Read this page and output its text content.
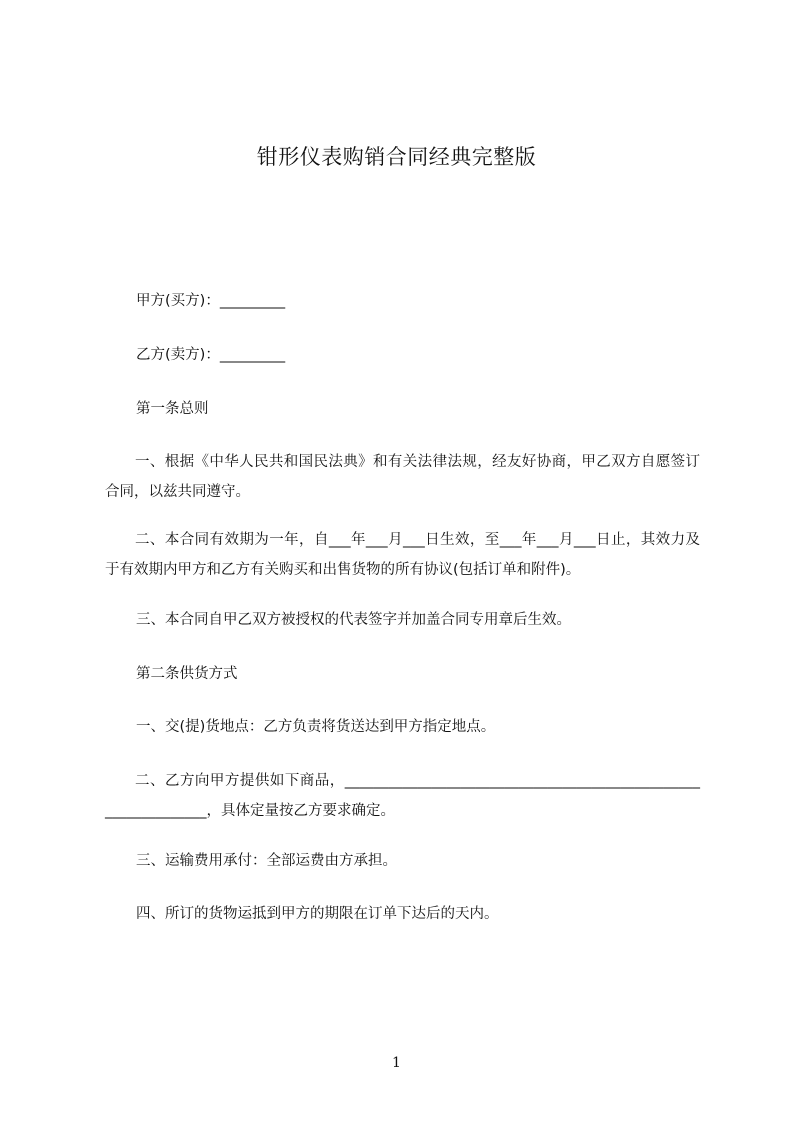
钳形仪表购销合同经典完整版
甲方(买方)：_________
乙方(卖方)：_________
第一条总则
一、根据《中华人民共和国民法典》和有关法律法规，经友好协商，甲乙双方自愿签订合同，以兹共同遵守。
二、本合同有效期为一年，自___年___月___日生效，至___年___月___日止，其效力及于有效期内甲方和乙方有关购买和出售货物的所有协议(包括订单和附件)。
三、本合同自甲乙双方被授权的代表签字并加盖合同专用章后生效。
第二条供货方式
一、交(提)货地点：乙方负责将货送达到甲方指定地点。
二、乙方向甲方提供如下商品，_______________________________________________________________，具体定量按乙方要求确定。
三、运输费用承付：全部运费由方承担。
四、所订的货物运抵到甲方的期限在订单下达后的天内。
1
